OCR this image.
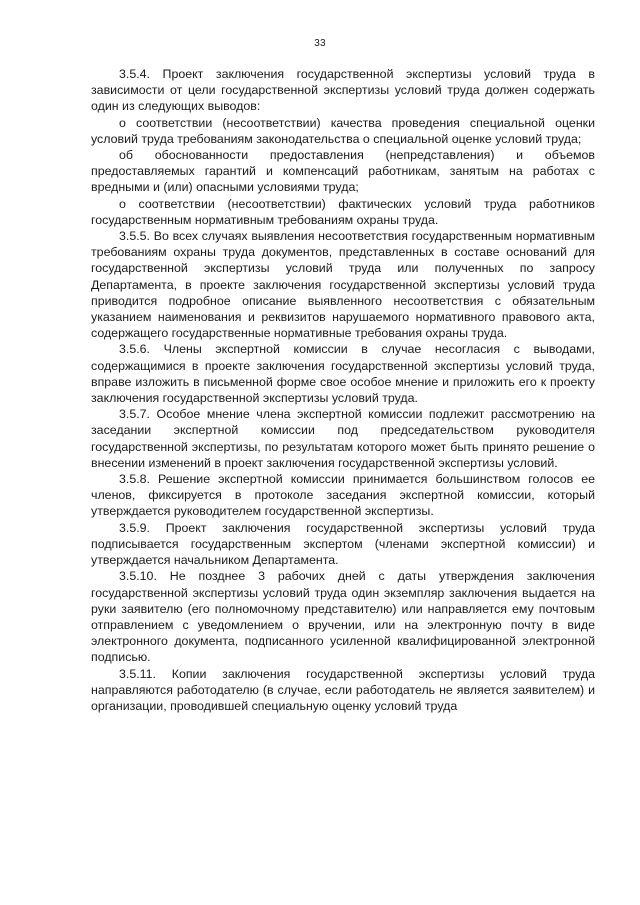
33

3.5.4. Проект заключения государственной экспертизы условий труда в зависимости от цели государственной экспертизы условий труда должен содержать один из следующих выводов:

о соответствии (несоответствии) качества проведения специальной оценки условий труда требованиям законодательства о специальной оценке условий труда;

об обоснованности предоставления (непредставления) и объемов предоставляемых гарантий и компенсаций работникам, занятым на работах с вредными и (или) опасными условиями труда;

о соответствии (несоответствии) фактических условий труда работников государственным нормативным требованиям охраны труда.

3.5.5. Во всех случаях выявления несоответствия государственным нормативным требованиям охраны труда документов, представленных в составе оснований для государственной экспертизы условий труда или полученных по запросу Департамента, в проекте заключения государственной экспертизы условий труда приводится подробное описание выявленного несоответствия с обязательным указанием наименования и реквизитов нарушаемого нормативного правового акта, содержащего государственные нормативные требования охраны труда.

3.5.6. Члены экспертной комиссии в случае несогласия с выводами, содержащимися в проекте заключения государственной экспертизы условий труда, вправе изложить в письменной форме свое особое мнение и приложить его к проекту заключения государственной экспертизы условий труда.

3.5.7. Особое мнение члена экспертной комиссии подлежит рассмотрению на заседании экспертной комиссии под председательством руководителя государственной экспертизы, по результатам которого может быть принято решение о внесении изменений в проект заключения государственной экспертизы условий.

3.5.8. Решение экспертной комиссии принимается большинством голосов ее членов, фиксируется в протоколе заседания экспертной комиссии, который утверждается руководителем государственной экспертизы.

3.5.9. Проект заключения государственной экспертизы условий труда подписывается государственным экспертом (членами экспертной комиссии) и утверждается начальником Департамента.

3.5.10. Не позднее 3 рабочих дней с даты утверждения заключения государственной экспертизы условий труда один экземпляр заключения выдается на руки заявителю (его полномочному представителю) или направляется ему почтовым отправлением с уведомлением о вручении, или на электронную почту в виде электронного документа, подписанного усиленной квалифицированной электронной подписью.

3.5.11. Копии заключения государственной экспертизы условий труда направляются работодателю (в случае, если работодатель не является заявителем) и организации, проводившей специальную оценку условий труда
